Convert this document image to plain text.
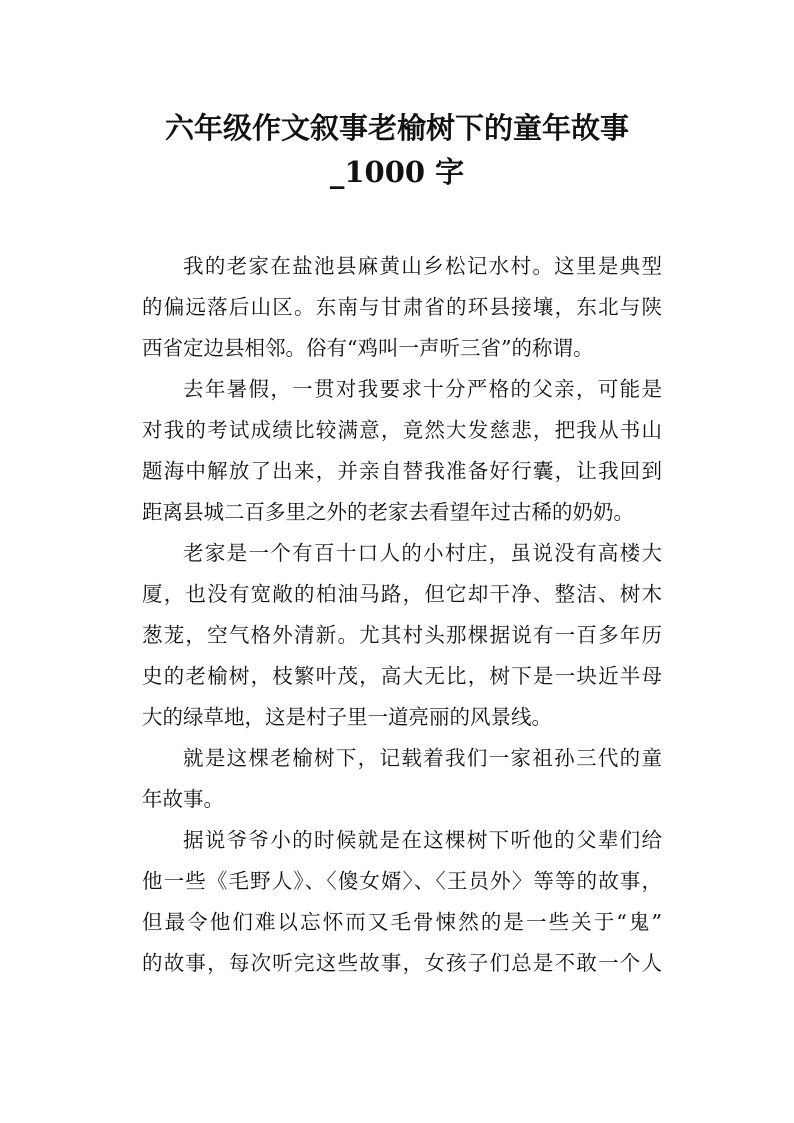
六年级作文叙事老榆树下的童年故事
_1000 字
我的老家在盐池县麻黄山乡松记水村。这里是典型
的偏远落后山区。东南与甘肃省的环县接壤，东北与陕
西省定边县相邻。俗有“鸡叫一声听三省”的称谓。
去年暑假，一贯对我要求十分严格的父亲，可能是
对我的考试成绩比较满意，竟然大发慈悲，把我从书山
题海中解放了出来，并亲自替我准备好行囊，让我回到
距离县城二百多里之外的老家去看望年过古稀的奶奶。
老家是一个有百十口人的小村庄，虽说没有高楼大
厦，也没有宽敞的柏油马路，但它却干净、整洁、树木
葱茏，空气格外清新。尤其村头那棵据说有一百多年历
史的老榆树，枝繁叶茂，高大无比，树下是一块近半母
大的绿草地，这是村子里一道亮丽的风景线。
就是这棵老榆树下，记载着我们一家祖孙三代的童
年故事。
据说爷爷小的时候就是在这棵树下听他的父辈们给
他一些《毛野人》、〈傻女婿〉、〈王员外〉等等的故事，
但最令他们难以忘怀而又毛骨悚然的是一些关于“鬼”
的故事，每次听完这些故事，女孩子们总是不敢一个人
